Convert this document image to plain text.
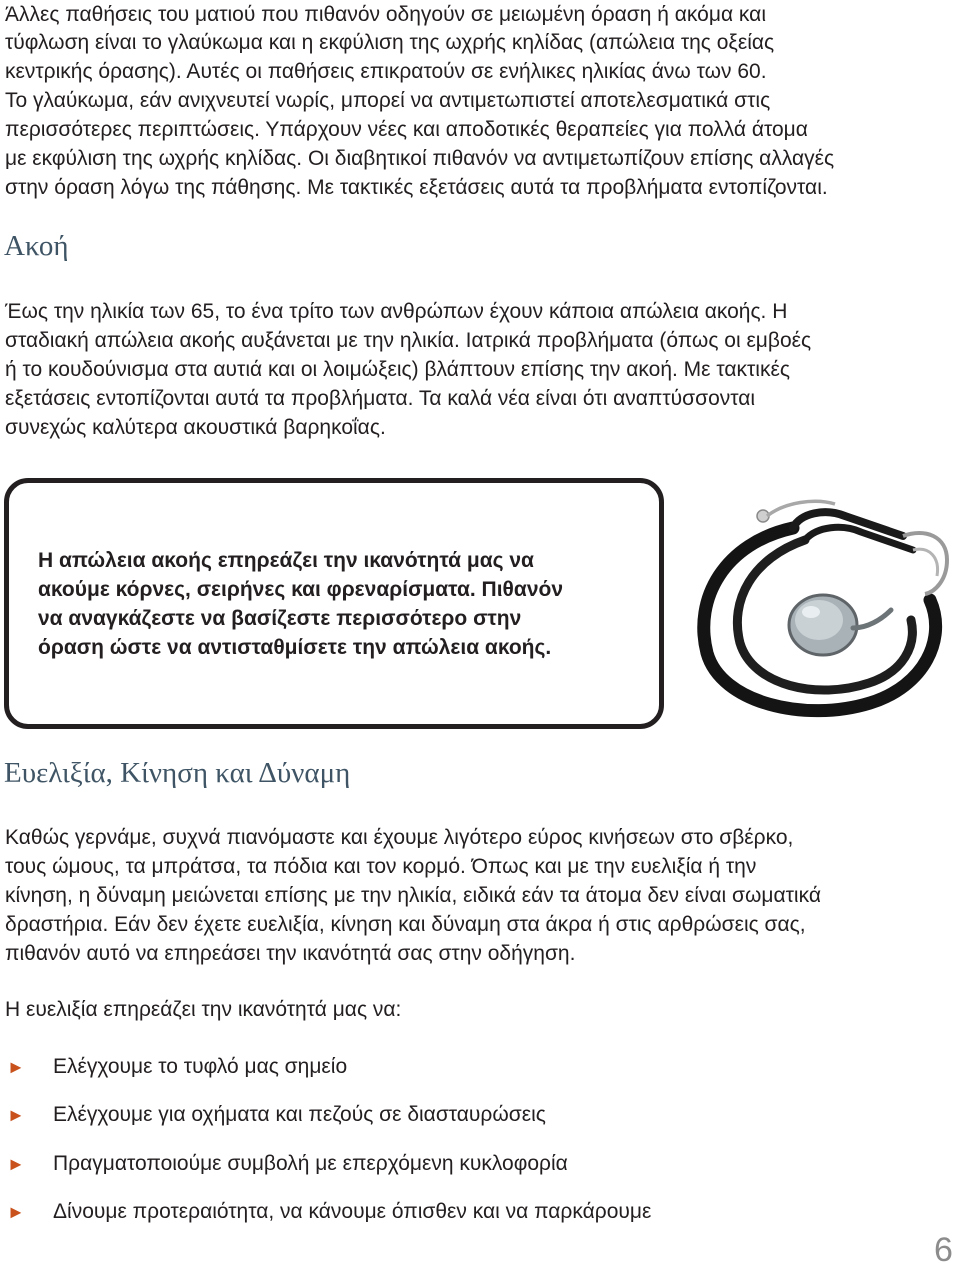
Άλλες παθήσεις του ματιού που πιθανόν οδηγούν σε μειωμένη όραση ή ακόμα και
τύφλωση είναι το γλαύκωμα και η εκφύλιση της ωχρής κηλίδας (απώλεια της οξείας
κεντρικής όρασης). Αυτές οι παθήσεις επικρατούν σε ενήλικες ηλικίας άνω των 60.
Το γλαύκωμα, εάν ανιχνευτεί νωρίς, μπορεί να αντιμετωπιστεί αποτελεσματικά στις
περισσότερες περιπτώσεις. Υπάρχουν νέες και αποδοτικές θεραπείες για πολλά άτομα
με εκφύλιση της ωχρής κηλίδας. Οι διαβητικοί πιθανόν να αντιμετωπίζουν επίσης αλλαγές
στην όραση λόγω της πάθησης. Με τακτικές εξετάσεις αυτά τα προβλήματα εντοπίζονται.
Ακοή
Έως την ηλικία των 65, το ένα τρίτο των ανθρώπων έχουν κάποια απώλεια ακοής. Η
σταδιακή απώλεια ακοής αυξάνεται με την ηλικία. Ιατρικά προβλήματα (όπως οι εμβοές
ή το κουδούνισμα στα αυτιά και οι λοιμώξεις) βλάπτουν επίσης την ακοή. Με τακτικές
εξετάσεις εντοπίζονται αυτά τα προβλήματα. Τα καλά νέα είναι ότι αναπτύσσονται
συνεχώς καλύτερα ακουστικά βαρηκοΐας.
Η απώλεια ακοής επηρεάζει την ικανότητά μας να
ακούμε κόρνες, σειρήνες και φρεναρίσματα. Πιθανόν
να αναγκάζεστε να βασίζεστε περισσότερο στην
όραση ώστε να αντισταθμίσετε την απώλεια ακοής.
Ευελιξία, Κίνηση και Δύναμη
Καθώς γερνάμε, συχνά πιανόμαστε και έχουμε λιγότερο εύρος κινήσεων στο σβέρκο,
τους ώμους, τα μπράτσα, τα πόδια και τον κορμό. Όπως και με την ευελιξία ή την
κίνηση, η δύναμη μειώνεται επίσης με την ηλικία, ειδικά εάν τα άτομα δεν είναι σωματικά
δραστήρια. Εάν δεν έχετε ευελιξία, κίνηση και δύναμη στα άκρα ή στις αρθρώσεις σας,
πιθανόν αυτό να επηρεάσει την ικανότητά σας στην οδήγηση.
Η ευελιξία επηρεάζει την ικανότητά μας να:
► Ελέγχουμε το τυφλό μας σημείο
► Ελέγχουμε για οχήματα και πεζούς σε διασταυρώσεις
► Πραγματοποιούμε συμβολή με επερχόμενη κυκλοφορία
► Δίνουμε προτεραιότητα, να κάνουμε όπισθεν και να παρκάρουμε
6
